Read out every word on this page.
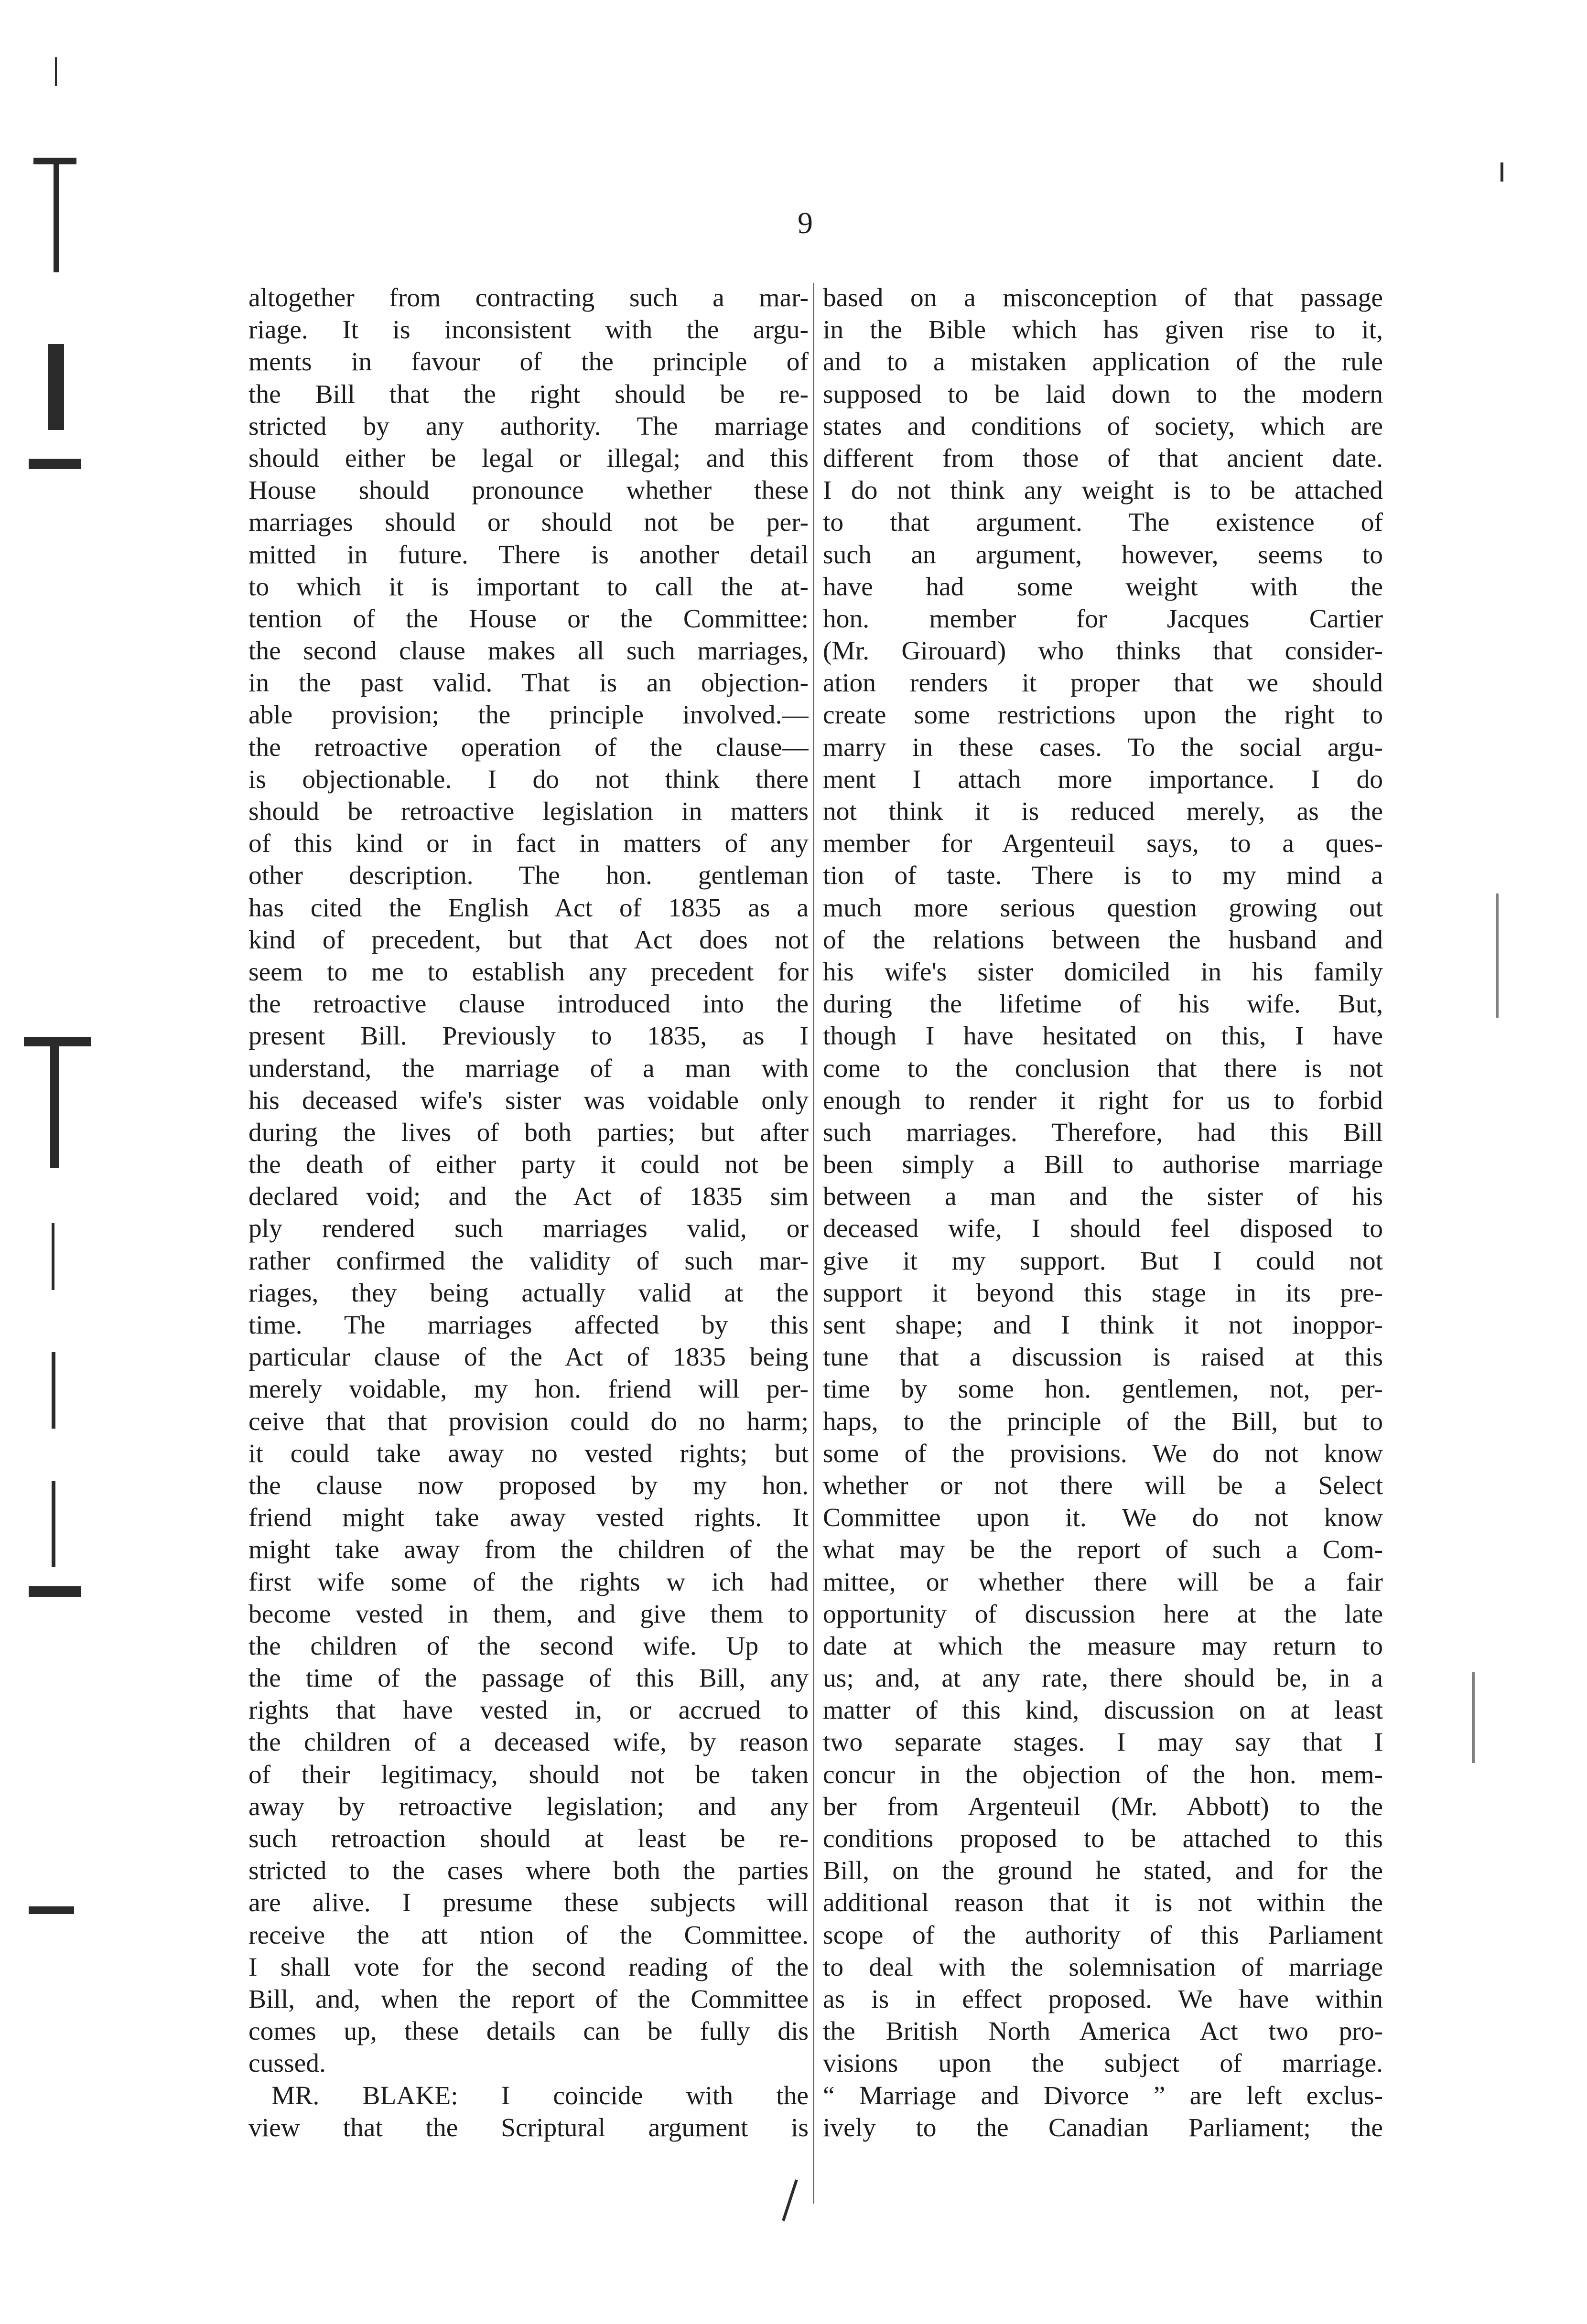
9
altogether from contracting such a mar-
riage. It is inconsistent with the argu-
ments in favour of the principle of
the Bill that the right should be re-
stricted by any authority. The marriage
should either be legal or illegal; and this
House should pronounce whether these
marriages should or should not be per-
mitted in future. There is another detail
to which it is important to call the at-
tention of the House or the Committee:
the second clause makes all such marriages,
in the past valid. That is an objection-
able provision; the principle involved.—
the retroactive operation of the clause—
is objectionable. I do not think there
should be retroactive legislation in matters
of this kind or in fact in matters of any
other description. The hon. gentleman
has cited the English Act of 1835 as a
kind of precedent, but that Act does not
seem to me to establish any precedent for
the retroactive clause introduced into the
present Bill. Previously to 1835, as I
understand, the marriage of a man with
his deceased wife's sister was voidable only
during the lives of both parties; but after
the death of either party it could not be
declared void; and the Act of 1835 sim
ply rendered such marriages valid, or
rather confirmed the validity of such mar-
riages, they being actually valid at the
time. The marriages affected by this
particular clause of the Act of 1835 being
merely voidable, my hon. friend will per-
ceive that that provision could do no harm;
it could take away no vested rights; but
the clause now proposed by my hon.
friend might take away vested rights. It
might take away from the children of the
first wife some of the rights w ich had
become vested in them, and give them to
the children of the second wife. Up to
the time of the passage of this Bill, any
rights that have vested in, or accrued to
the children of a deceased wife, by reason
of their legitimacy, should not be taken
away by retroactive legislation; and any
such retroaction should at least be re-
stricted to the cases where both the parties
are alive. I presume these subjects will
receive the att ntion of the Committee.
I shall vote for the second reading of the
Bill, and, when the report of the Committee
comes up, these details can be fully dis
cussed.
MR. BLAKE: I coincide with the
view that the Scriptural argument is
based on a misconception of that passage
in the Bible which has given rise to it,
and to a mistaken application of the rule
supposed to be laid down to the modern
states and conditions of society, which are
different from those of that ancient date.
I do not think any weight is to be attached
to that argument. The existence of
such an argument, however, seems to
have had some weight with the
hon. member for Jacques Cartier
(Mr. Girouard) who thinks that consider-
ation renders it proper that we should
create some restrictions upon the right to
marry in these cases. To the social argu-
ment I attach more importance. I do
not think it is reduced merely, as the
member for Argenteuil says, to a ques-
tion of taste. There is to my mind a
much more serious question growing out
of the relations between the husband and
his wife's sister domiciled in his family
during the lifetime of his wife. But,
though I have hesitated on this, I have
come to the conclusion that there is not
enough to render it right for us to forbid
such marriages. Therefore, had this Bill
been simply a Bill to authorise marriage
between a man and the sister of his
deceased wife, I should feel disposed to
give it my support. But I could not
support it beyond this stage in its pre-
sent shape; and I think it not inoppor-
tune that a discussion is raised at this
time by some hon. gentlemen, not, per-
haps, to the principle of the Bill, but to
some of the provisions. We do not know
whether or not there will be a Select
Committee upon it. We do not know
what may be the report of such a Com-
mittee, or whether there will be a fair
opportunity of discussion here at the late
date at which the measure may return to
us; and, at any rate, there should be, in a
matter of this kind, discussion on at least
two separate stages. I may say that I
concur in the objection of the hon. mem-
ber from Argenteuil (Mr. Abbott) to the
conditions proposed to be attached to this
Bill, on the ground he stated, and for the
additional reason that it is not within the
scope of the authority of this Parliament
to deal with the solemnisation of marriage
as is in effect proposed. We have within
the British North America Act two pro-
visions upon the subject of marriage.
“ Marriage and Divorce ” are left exclus-
ively to the Canadian Parliament; the
